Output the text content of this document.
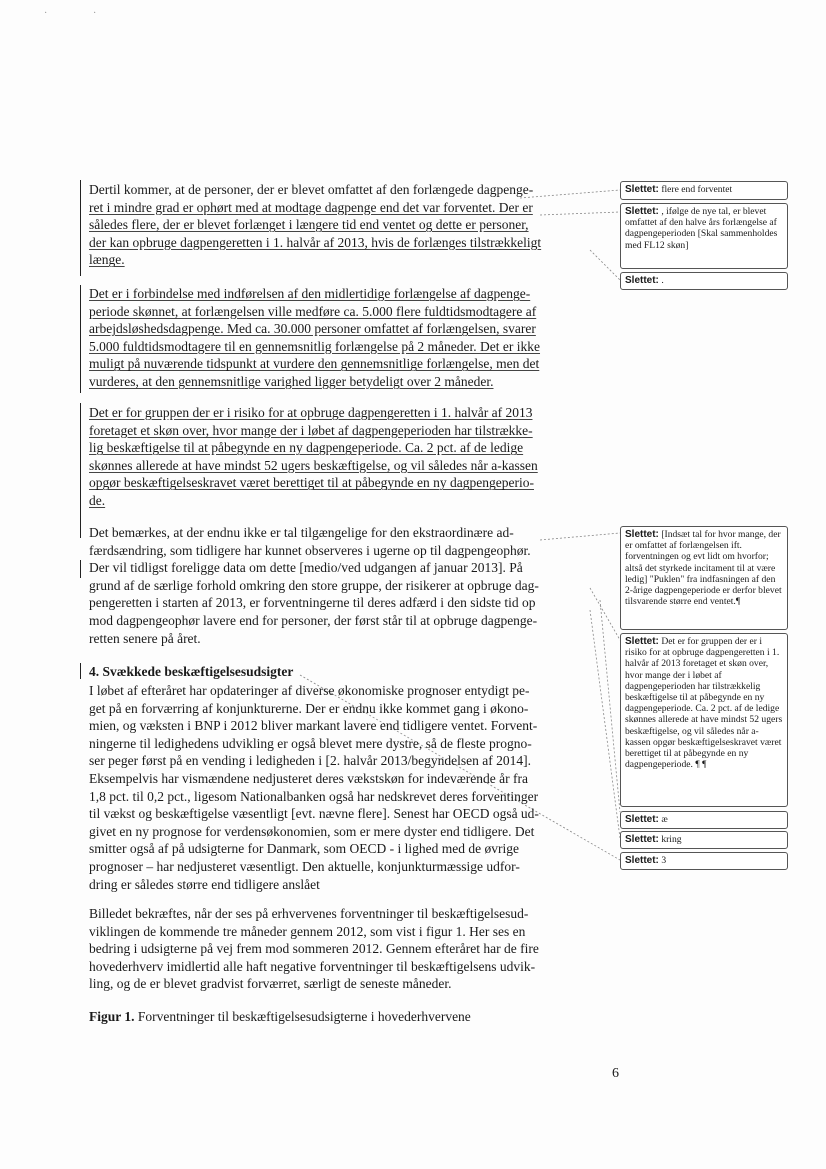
·	·
Dertil kommer, at de personer, der er blevet omfattet af den forlængede dagpenge-
ret i mindre grad er ophørt med at modtage dagpenge end det var forventet. Der er
således flere, der er blevet forlænget i længere tid end ventet og dette er personer,
der kan opbruge dagpengeretten i 1. halvår af 2013, hvis de forlænges tilstrækkeligt
længe.
Det er i forbindelse med indførelsen af den midlertidige forlængelse af dagpenge-
periode skønnet, at forlængelsen ville medføre ca. 5.000 flere fuldtidsmodtagere af
arbejdsløshedsdagpenge. Med ca. 30.000 personer omfattet af forlængelsen, svarer
5.000 fuldtidsmodtagere til en gennemsnitlig forlængelse på 2 måneder. Det er ikke
muligt på nuværende tidspunkt at vurdere den gennemsnitlige forlængelse, men det
vurderes, at den gennemsnitlige varighed ligger betydeligt over 2 måneder.
Det er for gruppen der er i risiko for at opbruge dagpengeretten i 1. halvår af 2013
foretaget et skøn over, hvor mange der i løbet af dagpengeperioden har tilstrække-
lig beskæftigelse til at påbegynde en ny dagpengeperiode. Ca. 2 pct. af de ledige
skønnes allerede at have mindst 52 ugers beskæftigelse, og vil således når a-kassen
opgør beskæftigelseskravet været berettiget til at påbegynde en ny dagpengeperio-
de.
Det bemærkes, at der endnu ikke er tal tilgængelige for den ekstraordinære ad-
færdsændring, som tidligere har kunnet observeres i ugerne op til dagpengeophør.
Der vil tidligst foreligge data om dette [medio/ved udgangen af januar 2013]. På
grund af de særlige forhold omkring den store gruppe, der risikerer at opbruge dag-
pengeretten i starten af 2013, er forventningerne til deres adfærd i den sidste tid op
mod dagpengeophør lavere end for personer, der først står til at opbruge dagpenge-
retten senere på året.
4. Svækkede beskæftigelsesudsigter
I løbet af efteråret har opdateringer af diverse økonomiske prognoser entydigt pe-
get på en forværring af konjunkturerne. Der er endnu ikke kommet gang i økono-
mien, og væksten i BNP i 2012 bliver markant lavere end tidligere ventet. Forvent-
ningerne til ledighedens udvikling er også blevet mere dystre, så de fleste progno-
ser peger først på en vending i ledigheden i [2. halvår 2013/begyndelsen af 2014].
Eksempelvis har vismændene nedjusteret deres vækstskøn for indeværende år fra
1,8 pct. til 0,2 pct., ligesom Nationalbanken også har nedskrevet deres forventinger
til vækst og beskæftigelse væsentligt [evt. nævne flere]. Senest har OECD også ud-
givet en ny prognose for verdensøkonomien, som er mere dyster end tidligere. Det
smitter også af på udsigterne for Danmark, som OECD - i lighed med de øvrige
prognoser – har nedjusteret væsentligt. Den aktuelle, konjunkturmæssige udfor-
dring er således større end tidligere anslået
Billedet bekræftes, når der ses på erhvervenes forventninger til beskæftigelsesud-
viklingen de kommende tre måneder gennem 2012, som vist i figur 1. Her ses en
bedring i udsigterne på vej frem mod sommeren 2012. Gennem efteråret har de fire
hovederhverv imidlertid alle haft negative forventninger til beskæftigelsens udvik-
ling, og de er blevet gradvist forværret, særligt de seneste måneder.
Figur 1. Forventninger til beskæftigelsesudsigterne i hovederhvervene
Slettet: flere end forventet
Slettet: , ifølge de nye tal, er blevet omfattet af den halve års forlængelse af dagpengeperioden [Skal sammenholdes med FL12 skøn]
Slettet: .
Slettet: [Indsæt tal for hvor mange, der er omfattet af forlængelsen ift. forventningen og evt lidt om hvorfor; altså det styrkede incitament til at være ledig] "Puklen" fra indfasningen af den 2-årige dagpengeperiode er derfor blevet tilsvarende større end ventet.¶
Slettet: Det er for gruppen der er i risiko for at opbruge dagpengeretten i 1. halvår af 2013 foretaget et skøn over, hvor mange der i løbet af dagpengeperioden har tilstrækkelig beskæftigelse til at påbegynde en ny dagpengeperiode. Ca. 2 pct. af de ledige skønnes allerede at have mindst 52 ugers beskæftigelse, og vil således når a-kassen opgør beskæftigelseskravet været berettiget til at påbegynde en ny dagpengeperiode. ¶ ¶
Slettet: æ
Slettet: kring
Slettet: 3
6
